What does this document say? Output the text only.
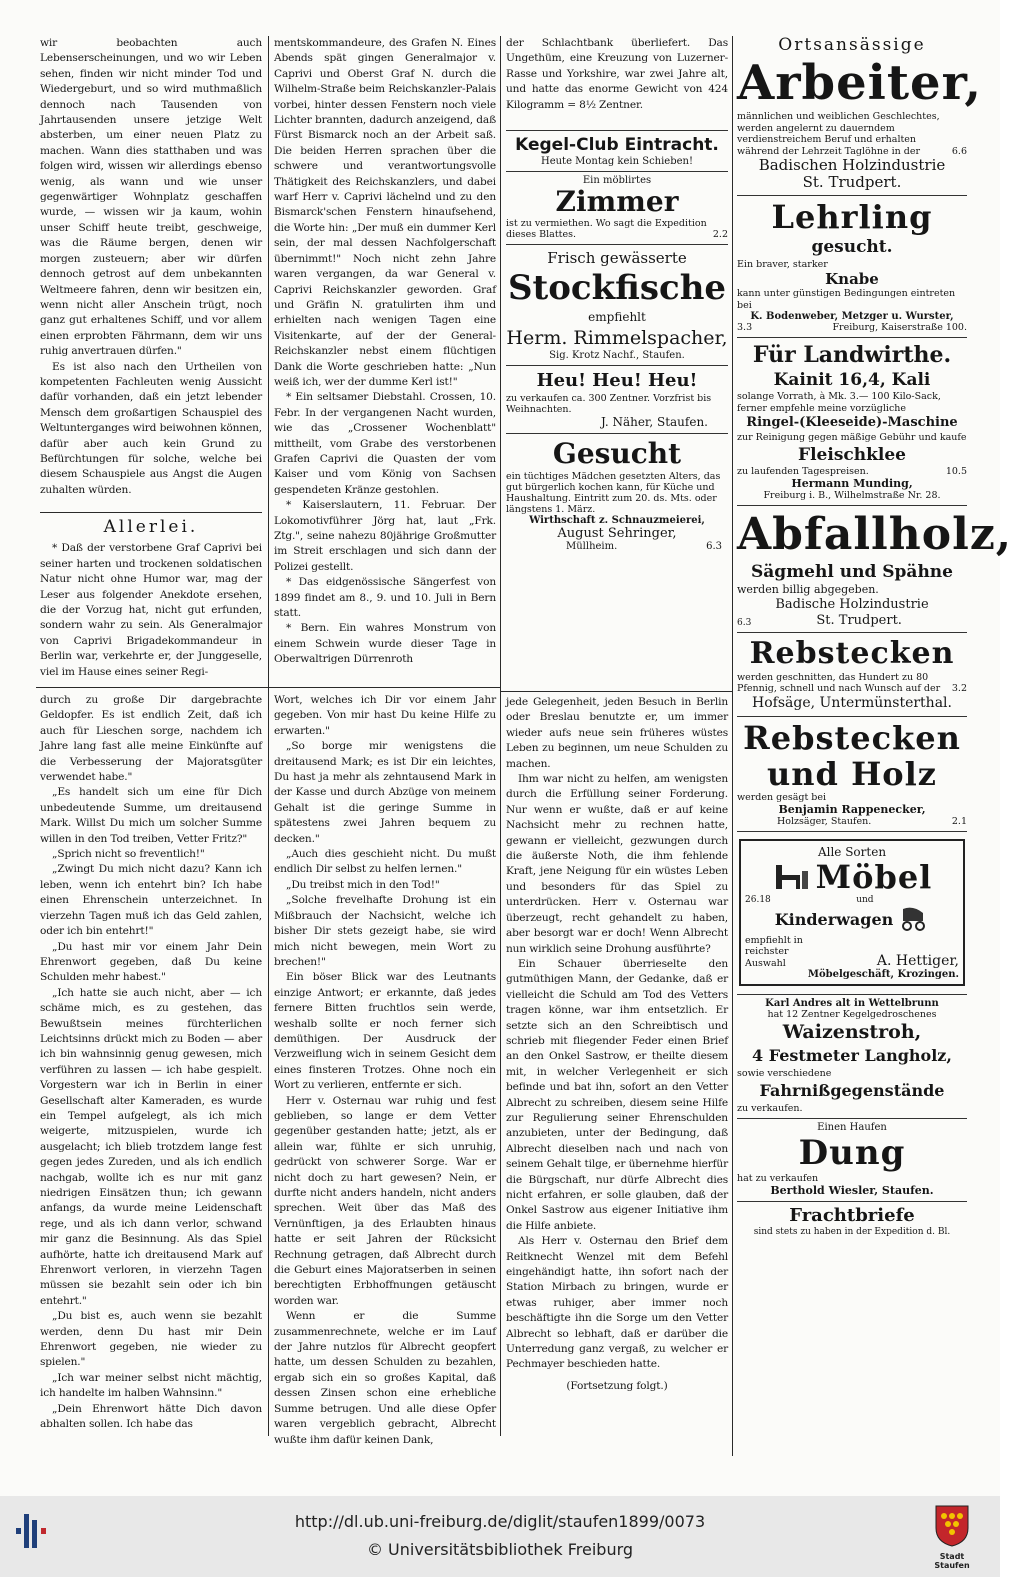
wir beobachten auch Lebenserscheinungen, und wo wir Leben sehen, finden wir nicht minder Tod und Wiedergeburt, und so wird muthmaßlich dennoch nach Tausenden von Jahrtausenden unsere jetzige Welt absterben, um einer neuen Platz zu machen. Wann dies statthaben und was folgen wird, wissen wir allerdings ebenso wenig, als wann und wie unser gegenwärtiger Wohnplatz geschaffen wurde, — wissen wir ja kaum, wohin unser Schiff heute treibt, geschweige, was die Räume bergen, denen wir morgen zusteuern; aber wir dürfen dennoch getrost auf dem unbekannten Weltmeere fahren, denn wir besitzen ein, wenn nicht aller Anschein trügt, noch ganz gut erhaltenes Schiff, und vor allem einen erprobten Fährmann, dem wir uns ruhig anvertrauen dürfen."

Es ist also nach den Urtheilen von kompetenten Fachleuten wenig Aussicht dafür vorhanden, daß ein jetzt lebender Mensch dem großartigen Schauspiel des Weltunterganges wird beiwohnen können, dafür aber auch kein Grund zu Befürchtungen für solche, welche bei diesem Schauspiele aus Angst die Augen zuhalten würden.

Allerlei.

* Daß der verstorbene Graf Caprivi bei seiner harten und trockenen soldatischen Natur nicht ohne Humor war, mag der Leser aus folgender Anekdote ersehen, die der Vorzug hat, nicht gut erfunden, sondern wahr zu sein. Als Generalmajor von Caprivi Brigadekommandeur in Berlin war, verkehrte er, der Junggeselle, viel im Hause eines seiner Regi-

mentskommandeure, des Grafen N. Eines Abends spät gingen Generalmajor v. Caprivi und Oberst Graf N. durch die Wilhelm-Straße beim Reichskanzler-Palais vorbei, hinter dessen Fenstern noch viele Lichter brannten, dadurch anzeigend, daß Fürst Bismarck noch an der Arbeit saß. Die beiden Herren sprachen über die schwere und verantwortungsvolle Thätigkeit des Reichskanzlers, und dabei warf Herr v. Caprivi lächelnd und zu den Bismarck'schen Fenstern hinaufsehend, die Worte hin: „Der muß ein dummer Kerl sein, der mal dessen Nachfolgerschaft übernimmt!" Noch nicht zehn Jahre waren vergangen, da war General v. Caprivi Reichskanzler geworden. Graf und Gräfin N. gratulirten ihm und erhielten nach wenigen Tagen eine Visitenkarte, auf der der General-Reichskanzler nebst einem flüchtigen Dank die Worte geschrieben hatte: „Nun weiß ich, wer der dumme Kerl ist!"

* Ein seltsamer Diebstahl. Crossen, 10. Febr. In der vergangenen Nacht wurden, wie das „Crossener Wochenblatt" mittheilt, vom Grabe des verstorbenen Grafen Caprivi die Quasten der vom Kaiser und vom König von Sachsen gespendeten Kränze gestohlen.

* Kaiserslautern, 11. Februar. Der Lokomotivführer Jörg hat, laut „Frk. Ztg.", seine nahezu 80jährige Großmutter im Streit erschlagen und sich dann der Polizei gestellt.

* Das eidgenössische Sängerfest von 1899 findet am 8., 9. und 10. Juli in Bern statt.

* Bern. Ein wahres Monstrum von einem Schwein wurde dieser Tage in Oberwaltrigen Dürrenroth

der Schlachtbank überliefert. Das Ungethüm, eine Kreuzung von Luzerner-Rasse und Yorkshire, war zwei Jahre alt, und hatte das enorme Gewicht von 424 Kilogramm = 8½ Zentner.

Kegel-Club Eintracht.
Heute Montag kein Schieben!
Ein möblirtes
Zimmer
ist zu vermiethen. Wo sagt die Expedition dieses Blattes.	2.2
Frisch gewässerte
Stockfische
empfiehlt
Herm. Rimmelspacher,
Sig. Krotz Nachf., Staufen.
Heu! Heu! Heu!
zu verkaufen ca. 300 Zentner. Vorzfrist bis Weihnachten.
J. Näher, Staufen.
Gesucht
ein tüchtiges Mädchen gesetzten Alters, das gut bürgerlich kochen kann, für Küche und Haushaltung. Eintritt zum 20. ds. Mts. oder längstens 1. März.
Wirthschaft z. Schnauzmeierei,
August Sehringer,
Müllheim.	6.3

durch zu große Dir dargebrachte Geldopfer. Es ist endlich Zeit, daß ich auch für Lieschen sorge, nachdem ich Jahre lang fast alle meine Einkünfte auf die Verbesserung der Majoratsgüter verwendet habe."

„Es handelt sich um eine für Dich unbedeutende Summe, um dreitausend Mark. Willst Du mich um solcher Summe willen in den Tod treiben, Vetter Fritz?"

„Sprich nicht so freventlich!"

„Zwingt Du mich nicht dazu? Kann ich leben, wenn ich entehrt bin? Ich habe einen Ehrenschein unterzeichnet. In vierzehn Tagen muß ich das Geld zahlen, oder ich bin entehrt!"

„Du hast mir vor einem Jahr Dein Ehrenwort gegeben, daß Du keine Schulden mehr habest."

„Ich hatte sie auch nicht, aber — ich schäme mich, es zu gestehen, das Bewußtsein meines fürchterlichen Leichtsinns drückt mich zu Boden — aber ich bin wahnsinnig genug gewesen, mich verführen zu lassen — ich habe gespielt. Vorgestern war ich in Berlin in einer Gesellschaft alter Kameraden, es wurde ein Tempel aufgelegt, als ich mich weigerte, mitzuspielen, wurde ich ausgelacht; ich blieb trotzdem lange fest gegen jedes Zureden, und als ich endlich nachgab, wollte ich es nur mit ganz niedrigen Einsätzen thun; ich gewann anfangs, da wurde meine Leidenschaft rege, und als ich dann verlor, schwand mir ganz die Besinnung. Als das Spiel aufhörte, hatte ich dreitausend Mark auf Ehrenwort verloren, in vierzehn Tagen müssen sie bezahlt sein oder ich bin entehrt."

„Du bist es, auch wenn sie bezahlt werden, denn Du hast mir Dein Ehrenwort gegeben, nie wieder zu spielen."

„Ich war meiner selbst nicht mächtig, ich handelte im halben Wahnsinn."

„Dein Ehrenwort hätte Dich davon abhalten sollen. Ich habe das

Wort, welches ich Dir vor einem Jahr gegeben. Von mir hast Du keine Hilfe zu erwarten."

„So borge mir wenigstens die dreitausend Mark; es ist Dir ein leichtes, Du hast ja mehr als zehntausend Mark in der Kasse und durch Abzüge von meinem Gehalt ist die geringe Summe in spätestens zwei Jahren bequem zu decken."

„Auch dies geschieht nicht. Du mußt endlich Dir selbst zu helfen lernen."

„Du treibst mich in den Tod!"

„Solche frevelhafte Drohung ist ein Mißbrauch der Nachsicht, welche ich bisher Dir stets gezeigt habe, sie wird mich nicht bewegen, mein Wort zu brechen!"

Ein böser Blick war des Leutnants einzige Antwort; er erkannte, daß jedes fernere Bitten fruchtlos sein werde, weshalb sollte er noch ferner sich demüthigen. Der Ausdruck der Verzweiflung wich in seinem Gesicht dem eines finsteren Trotzes. Ohne noch ein Wort zu verlieren, entfernte er sich.

Herr v. Osternau war ruhig und fest geblieben, so lange er dem Vetter gegenüber gestanden hatte; jetzt, als er allein war, fühlte er sich unruhig, gedrückt von schwerer Sorge. War er nicht doch zu hart gewesen? Nein, er durfte nicht anders handeln, nicht anders sprechen. Weit über das Maß des Vernünftigen, ja des Erlaubten hinaus hatte er seit Jahren der Rücksicht Rechnung getragen, daß Albrecht durch die Geburt eines Majoratserben in seinen berechtigten Erbhoffnungen getäuscht worden war.

Wenn er die Summe zusammenrechnete, welche er im Lauf der Jahre nutzlos für Albrecht geopfert hatte, um dessen Schulden zu bezahlen, ergab sich ein so großes Kapital, daß dessen Zinsen schon eine erhebliche Summe betrugen. Und alle diese Opfer waren vergeblich gebracht, Albrecht wußte ihm dafür keinen Dank,

jede Gelegenheit, jeden Besuch in Berlin oder Breslau benutzte er, um immer wieder aufs neue sein früheres wüstes Leben zu beginnen, um neue Schulden zu machen.

Ihm war nicht zu helfen, am wenigsten durch die Erfüllung seiner Forderung. Nur wenn er wußte, daß er auf keine Nachsicht mehr zu rechnen hatte, gewann er vielleicht, gezwungen durch die äußerste Noth, die ihm fehlende Kraft, jene Neigung für ein wüstes Leben und besonders für das Spiel zu unterdrücken. Herr v. Osternau war überzeugt, recht gehandelt zu haben, aber besorgt war er doch! Wenn Albrecht nun wirklich seine Drohung ausführte?

Ein Schauer überrieselte den gutmüthigen Mann, der Gedanke, daß er vielleicht die Schuld am Tod des Vetters tragen könne, war ihm entsetzlich. Er setzte sich an den Schreibtisch und schrieb mit fliegender Feder einen Brief an den Onkel Sastrow, er theilte diesem mit, in welcher Verlegenheit er sich befinde und bat ihn, sofort an den Vetter Albrecht zu schreiben, diesem seine Hilfe zur Regulierung seiner Ehrenschulden anzubieten, unter der Bedingung, daß Albrecht dieselben nach und nach von seinem Gehalt tilge, er übernehme hierfür die Bürgschaft, nur dürfe Albrecht dies nicht erfahren, er solle glauben, daß der Onkel Sastrow aus eigener Initiative ihm die Hilfe anbiete.

Als Herr v. Osternau den Brief dem Reitknecht Wenzel mit dem Befehl eingehändigt hatte, ihn sofort nach der Station Mirbach zu bringen, wurde er etwas ruhiger, aber immer noch beschäftigte ihn die Sorge um den Vetter Albrecht so lebhaft, daß er darüber die Unterredung ganz vergaß, zu welcher er Pechmayer beschieden hatte.

(Fortsetzung folgt.)
Ortsansässige
Arbeiter,
männlichen und weiblichen Geschlechtes, werden angelernt zu dauerndem verdienstreichem Beruf und erhalten während der Lehrzeit Taglöhne in der	6.6
Badischen Holzindustrie
St. Trudpert.
Lehrling
gesucht.
Ein braver, starker
Knabe
kann unter günstigen Bedingungen eintreten bei
K. Bodenweber, Metzger u. Wurster,
3.3	Freiburg, Kaiserstraße 100.
Für Landwirthe.
Kainit 16,4, Kali
solange Vorrath, à Mk. 3.— 100 Kilo-Sack, ferner empfehle meine vorzügliche
Ringel-(Kleeseide)-Maschine
zur Reinigung gegen mäßige Gebühr und kaufe
Fleischklee
zu laufenden Tagespreisen.	10.5
Hermann Munding,
Freiburg i. B., Wilhelmstraße Nr. 28.
Abfallholz,
Sägmehl und Spähne
werden billig abgegeben.
Badische Holzindustrie
6.3	St. Trudpert.
Rebstecken
werden geschnitten, das Hundert zu 80 Pfennig, schnell und nach Wunsch auf der	3.2
Hofsäge, Untermünsterthal.
Rebstecken
und Holz
werden gesägt bei
Benjamin Rappenecker,
Holzsäger, Staufen.	2.1
Alle Sorten
Möbel
26.18	und
Kinderwagen
empfiehlt in reichster Auswahl	A. Hettiger,
Möbelgeschäft, Krozingen.
Karl Andres alt in Wettelbrunn
hat 12 Zentner Kegelgedroschenes
Waizenstroh,
4 Festmeter Langholz,
sowie verschiedene
Fahrnißgegenstände
zu verkaufen.
Einen Haufen
Dung
hat zu verkaufen
Berthold Wiesler, Staufen.
Frachtbriefe
sind stets zu haben in der Expedition d. Bl.
http://dl.ub.uni-freiburg.de/diglit/staufen1899/0073
© Universitätsbibliothek Freiburg	Stadt Staufen
